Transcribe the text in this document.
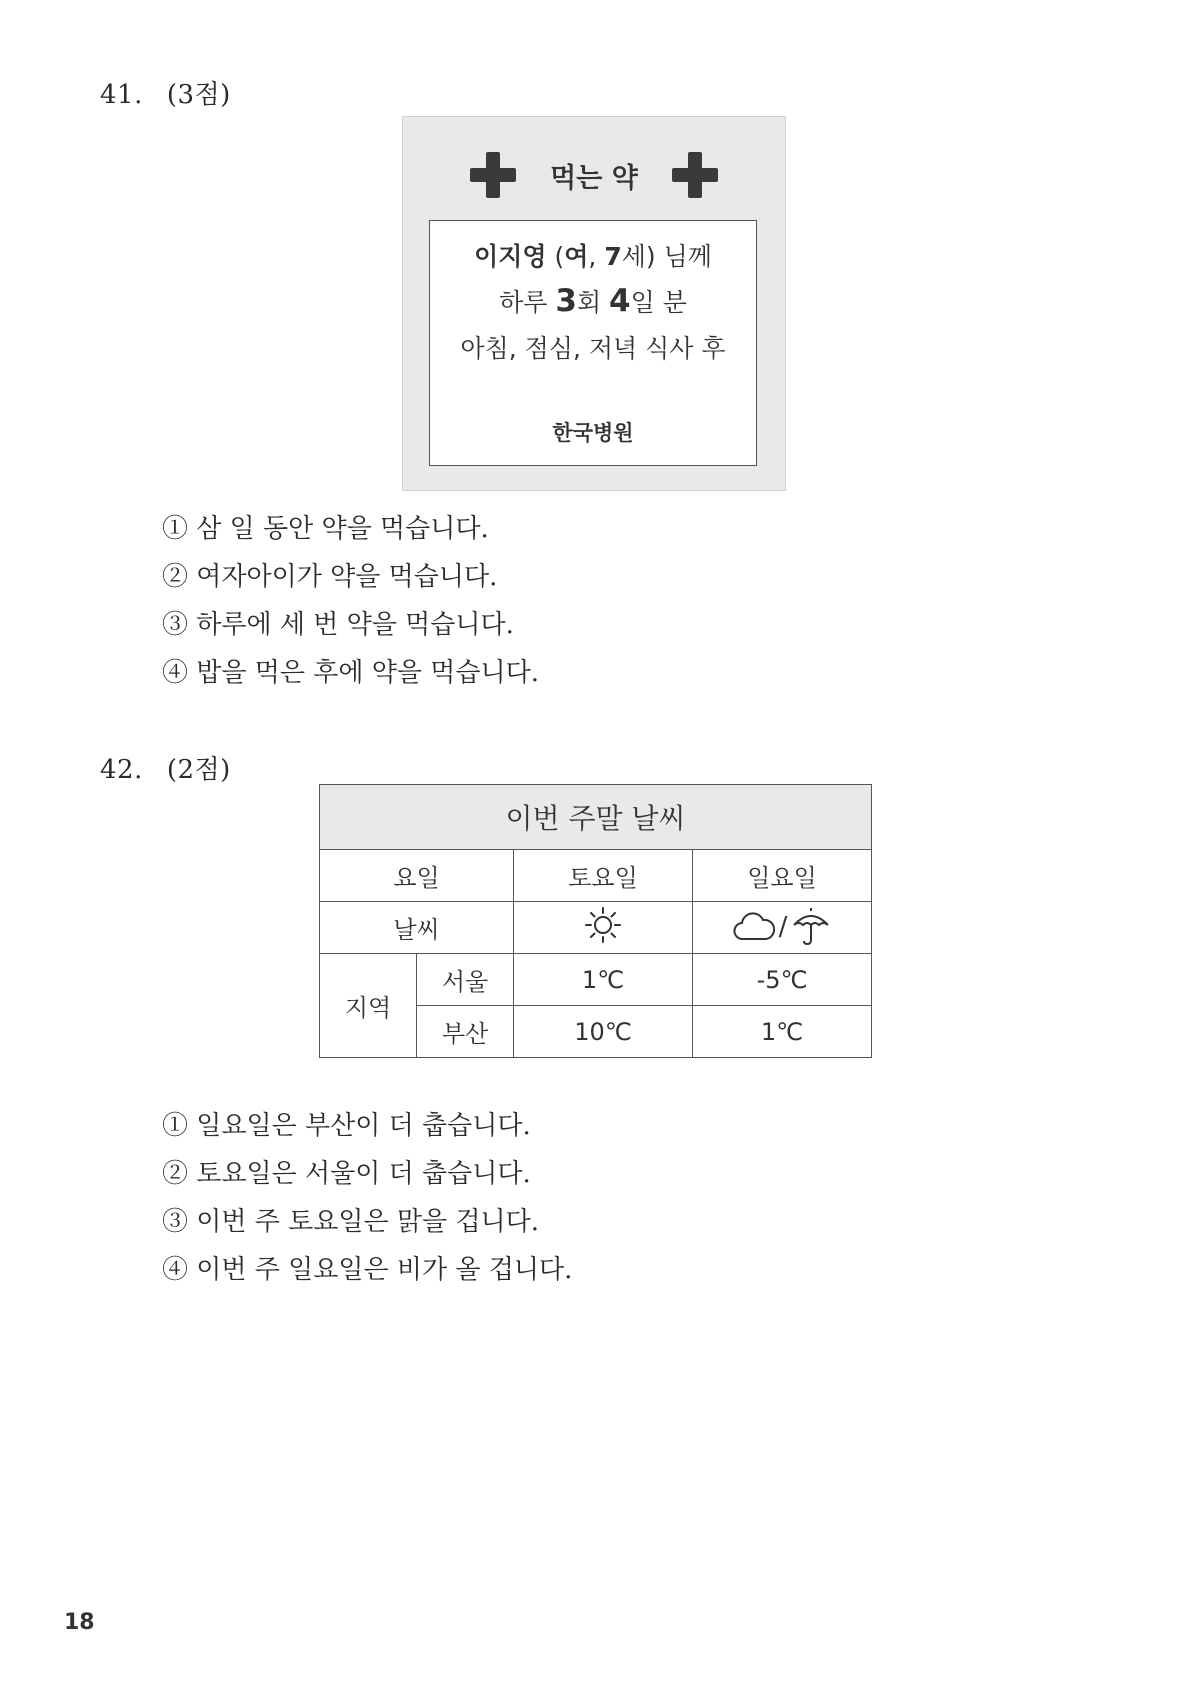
41. (3점)
먹는 약
이지영 (여, 7세) 님께
하루 3회 4일 분
아침, 점심, 저녁 식사 후
한국병원
① 삼 일 동안 약을 먹습니다.
② 여자아이가 약을 먹습니다.
③ 하루에 세 번 약을 먹습니다.
④ 밥을 먹은 후에 약을 먹습니다.
42. (2점)
이번 주말 날씨			
요일		토요일	일요일
날씨			/

지역	서울	1℃	-5℃
	부산	10℃	1℃
① 일요일은 부산이 더 춥습니다.
② 토요일은 서울이 더 춥습니다.
③ 이번 주 토요일은 맑을 겁니다.
④ 이번 주 일요일은 비가 올 겁니다.
18
